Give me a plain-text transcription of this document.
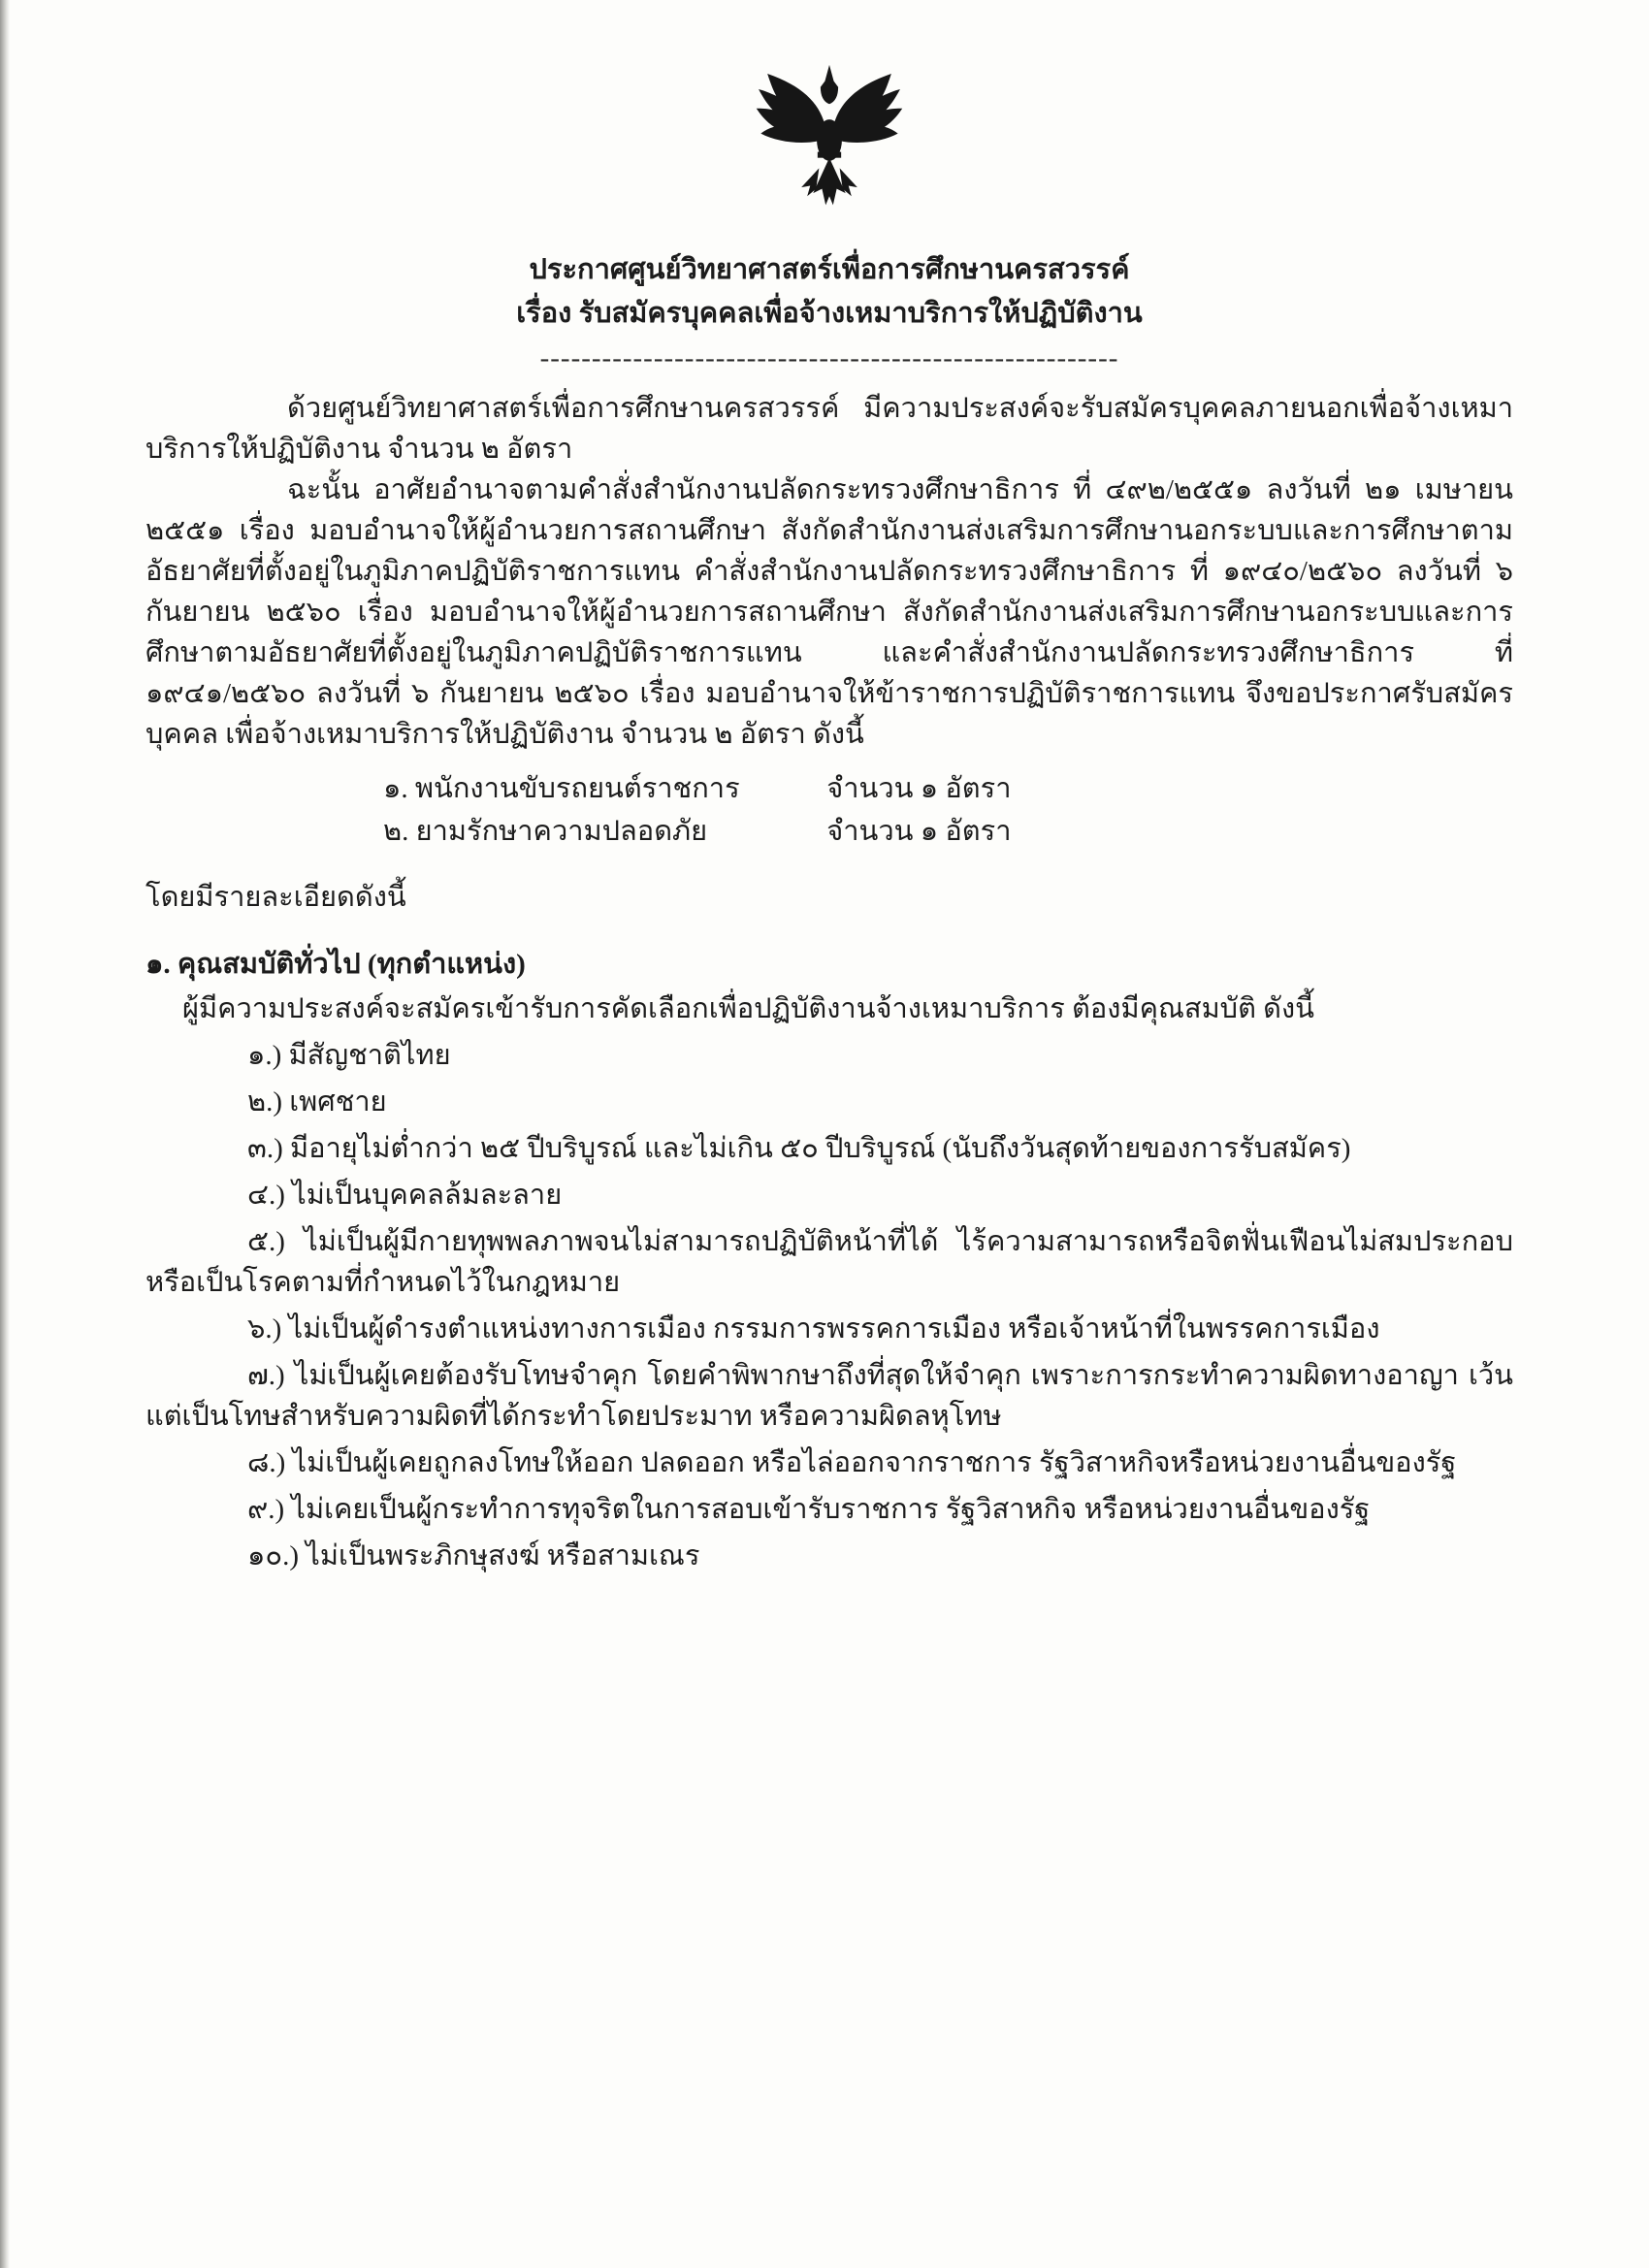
ประกาศศูนย์วิทยาศาสตร์เพื่อการศึกษานครสวรรค์
เรื่อง รับสมัครบุคคลเพื่อจ้างเหมาบริการให้ปฏิบัติงาน
--------------------------------------------------------

ด้วยศูนย์วิทยาศาสตร์เพื่อการศึกษานครสวรรค์ มีความประสงค์จะรับสมัครบุคคลภายนอกเพื่อจ้างเหมาบริการให้ปฏิบัติงาน จำนวน ๒ อัตรา

ฉะนั้น อาศัยอำนาจตามคำสั่งสำนักงานปลัดกระทรวงศึกษาธิการ ที่ ๔๙๒/๒๕๕๑ ลงวันที่ ๒๑ เมษายน ๒๕๕๑ เรื่อง มอบอำนาจให้ผู้อำนวยการสถานศึกษา สังกัดสำนักงานส่งเสริมการศึกษานอกระบบและการศึกษาตามอัธยาศัยที่ตั้งอยู่ในภูมิภาคปฏิบัติราชการแทน คำสั่งสำนักงานปลัดกระทรวงศึกษาธิการ ที่ ๑๙๔๐/๒๕๖๐ ลงวันที่ ๖ กันยายน ๒๕๖๐ เรื่อง มอบอำนาจให้ผู้อำนวยการสถานศึกษา สังกัดสำนักงานส่งเสริมการศึกษานอกระบบและการศึกษาตามอัธยาศัยที่ตั้งอยู่ในภูมิภาคปฏิบัติราชการแทน และคำสั่งสำนักงานปลัดกระทรวงศึกษาธิการ ที่ ๑๙๔๑/๒๕๖๐ ลงวันที่ ๖ กันยายน ๒๕๖๐ เรื่อง มอบอำนาจให้ข้าราชการปฏิบัติราชการแทน จึงขอประกาศรับสมัครบุคคล เพื่อจ้างเหมาบริการให้ปฏิบัติงาน จำนวน ๒ อัตรา ดังนี้

๑. พนักงานขับรถยนต์ราชการ	จำนวน ๑ อัตรา
๒. ยามรักษาความปลอดภัย	จำนวน ๑ อัตรา
โดยมีรายละเอียดดังนี้
๑. คุณสมบัติทั่วไป (ทุกตำแหน่ง)

ผู้มีความประสงค์จะสมัครเข้ารับการคัดเลือกเพื่อปฏิบัติงานจ้างเหมาบริการ ต้องมีคุณสมบัติ ดังนี้

๑.) มีสัญชาติไทย

๒.) เพศชาย

๓.) มีอายุไม่ต่ำกว่า ๒๕ ปีบริบูรณ์ และไม่เกิน ๕๐ ปีบริบูรณ์ (นับถึงวันสุดท้ายของการรับสมัคร)

๔.) ไม่เป็นบุคคลล้มละลาย

๕.) ไม่เป็นผู้มีกายทุพพลภาพจนไม่สามารถปฏิบัติหน้าที่ได้ ไร้ความสามารถหรือจิตฟั่นเฟือนไม่สมประกอบ หรือเป็นโรคตามที่กำหนดไว้ในกฎหมาย

๖.) ไม่เป็นผู้ดำรงตำแหน่งทางการเมือง กรรมการพรรคการเมือง หรือเจ้าหน้าที่ในพรรคการเมือง

๗.) ไม่เป็นผู้เคยต้องรับโทษจำคุก โดยคำพิพากษาถึงที่สุดให้จำคุก เพราะการกระทำความผิดทางอาญา เว้นแต่เป็นโทษสำหรับความผิดที่ได้กระทำโดยประมาท หรือความผิดลหุโทษ

๘.) ไม่เป็นผู้เคยถูกลงโทษให้ออก ปลดออก หรือไล่ออกจากราชการ รัฐวิสาหกิจหรือหน่วยงานอื่นของรัฐ

๙.) ไม่เคยเป็นผู้กระทำการทุจริตในการสอบเข้ารับราชการ รัฐวิสาหกิจ หรือหน่วยงานอื่นของรัฐ

๑๐.) ไม่เป็นพระภิกษุสงฆ์ หรือสามเณร
